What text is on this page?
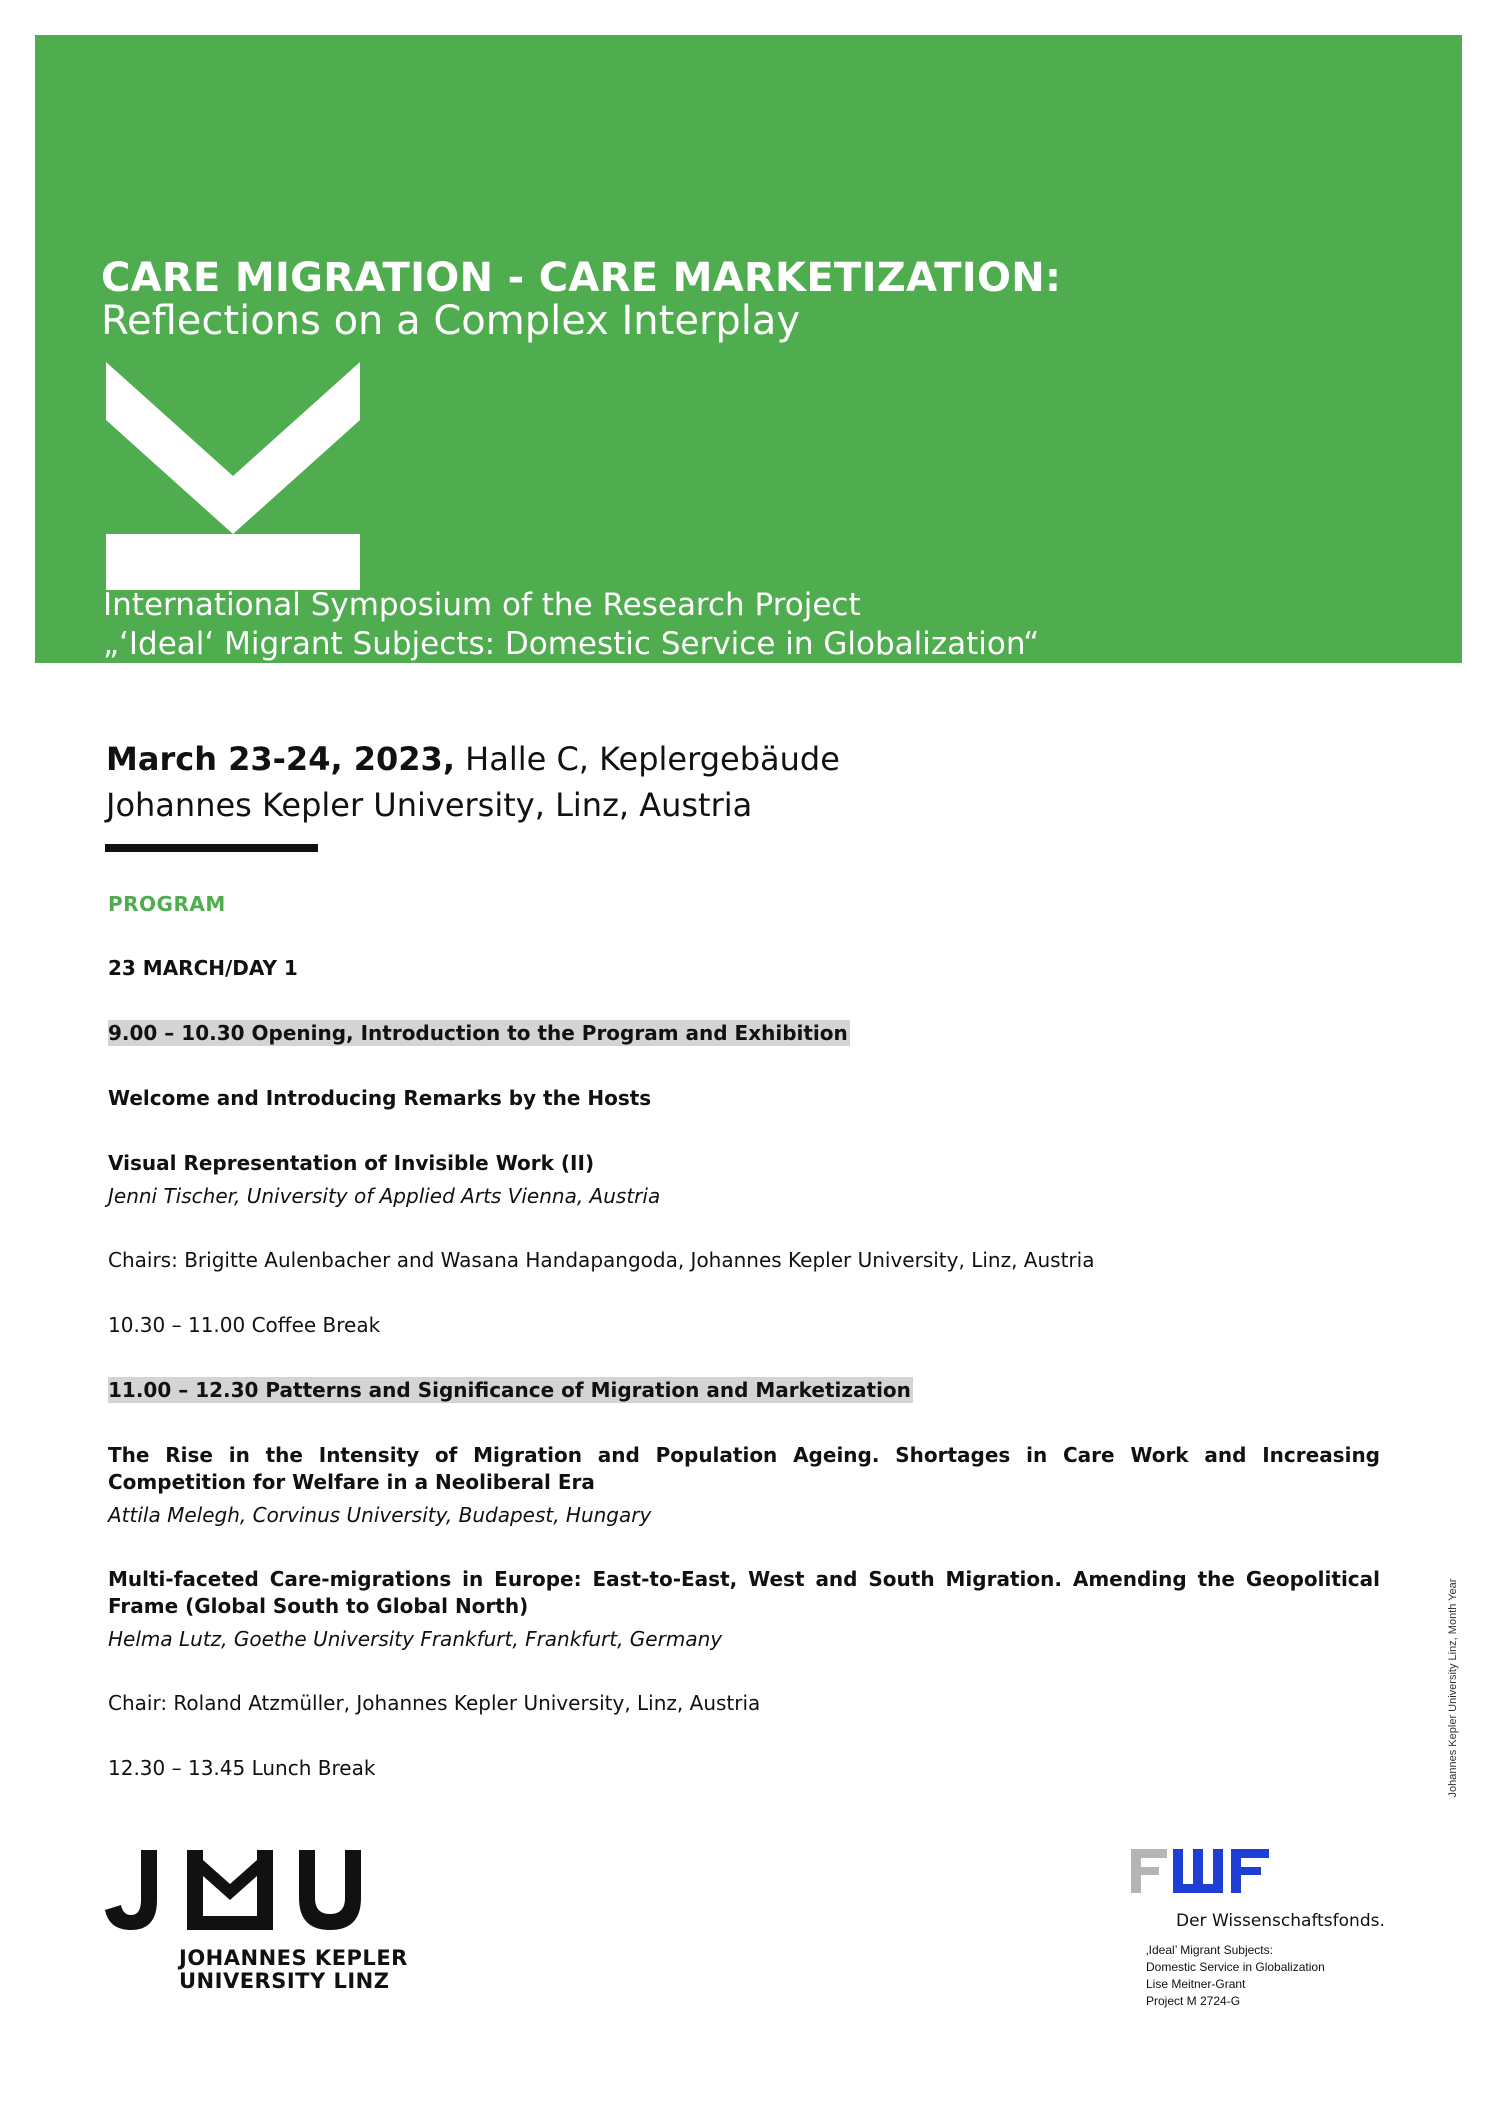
CARE MIGRATION - CARE MARKETIZATION:
Reflections on a Complex Interplay
International Symposium of the Research Project
„‘Ideal‘ Migrant Subjects: Domestic Service in Globalization“
March 23-24, 2023, Halle C, Keplergebäude
Johannes Kepler University, Linz, Austria
PROGRAM
23 MARCH/DAY 1
9.00 – 10.30 Opening, Introduction to the Program and Exhibition
Welcome and Introducing Remarks by the Hosts
Visual Representation of Invisible Work (II)
Jenni Tischer, University of Applied Arts Vienna, Austria
Chairs: Brigitte Aulenbacher and Wasana Handapangoda, Johannes Kepler University, Linz, Austria
10.30 – 11.00 Coffee Break
11.00 – 12.30 Patterns and Significance of Migration and Marketization
The Rise in the Intensity of Migration and Population Ageing. Shortages in Care Work and Increasing Competition for Welfare in a Neoliberal Era
Attila Melegh, Corvinus University, Budapest, Hungary
Multi-faceted Care-migrations in Europe: East-to-East, West and South Migration. Amending the Geopolitical Frame (Global South to Global North)
Helma Lutz, Goethe University Frankfurt, Frankfurt, Germany
Chair: Roland Atzmüller, Johannes Kepler University, Linz, Austria
12.30 – 13.45 Lunch Break	Johannes Kepler University Linz, Month Year
JOHANNES KEPLER
UNIVERSITY LINZ
Der Wissenschaftsfonds.
‚Ideal’ Migrant Subjects:
Domestic Service in Globalization
Lise Meitner-Grant
Project M 2724-G
